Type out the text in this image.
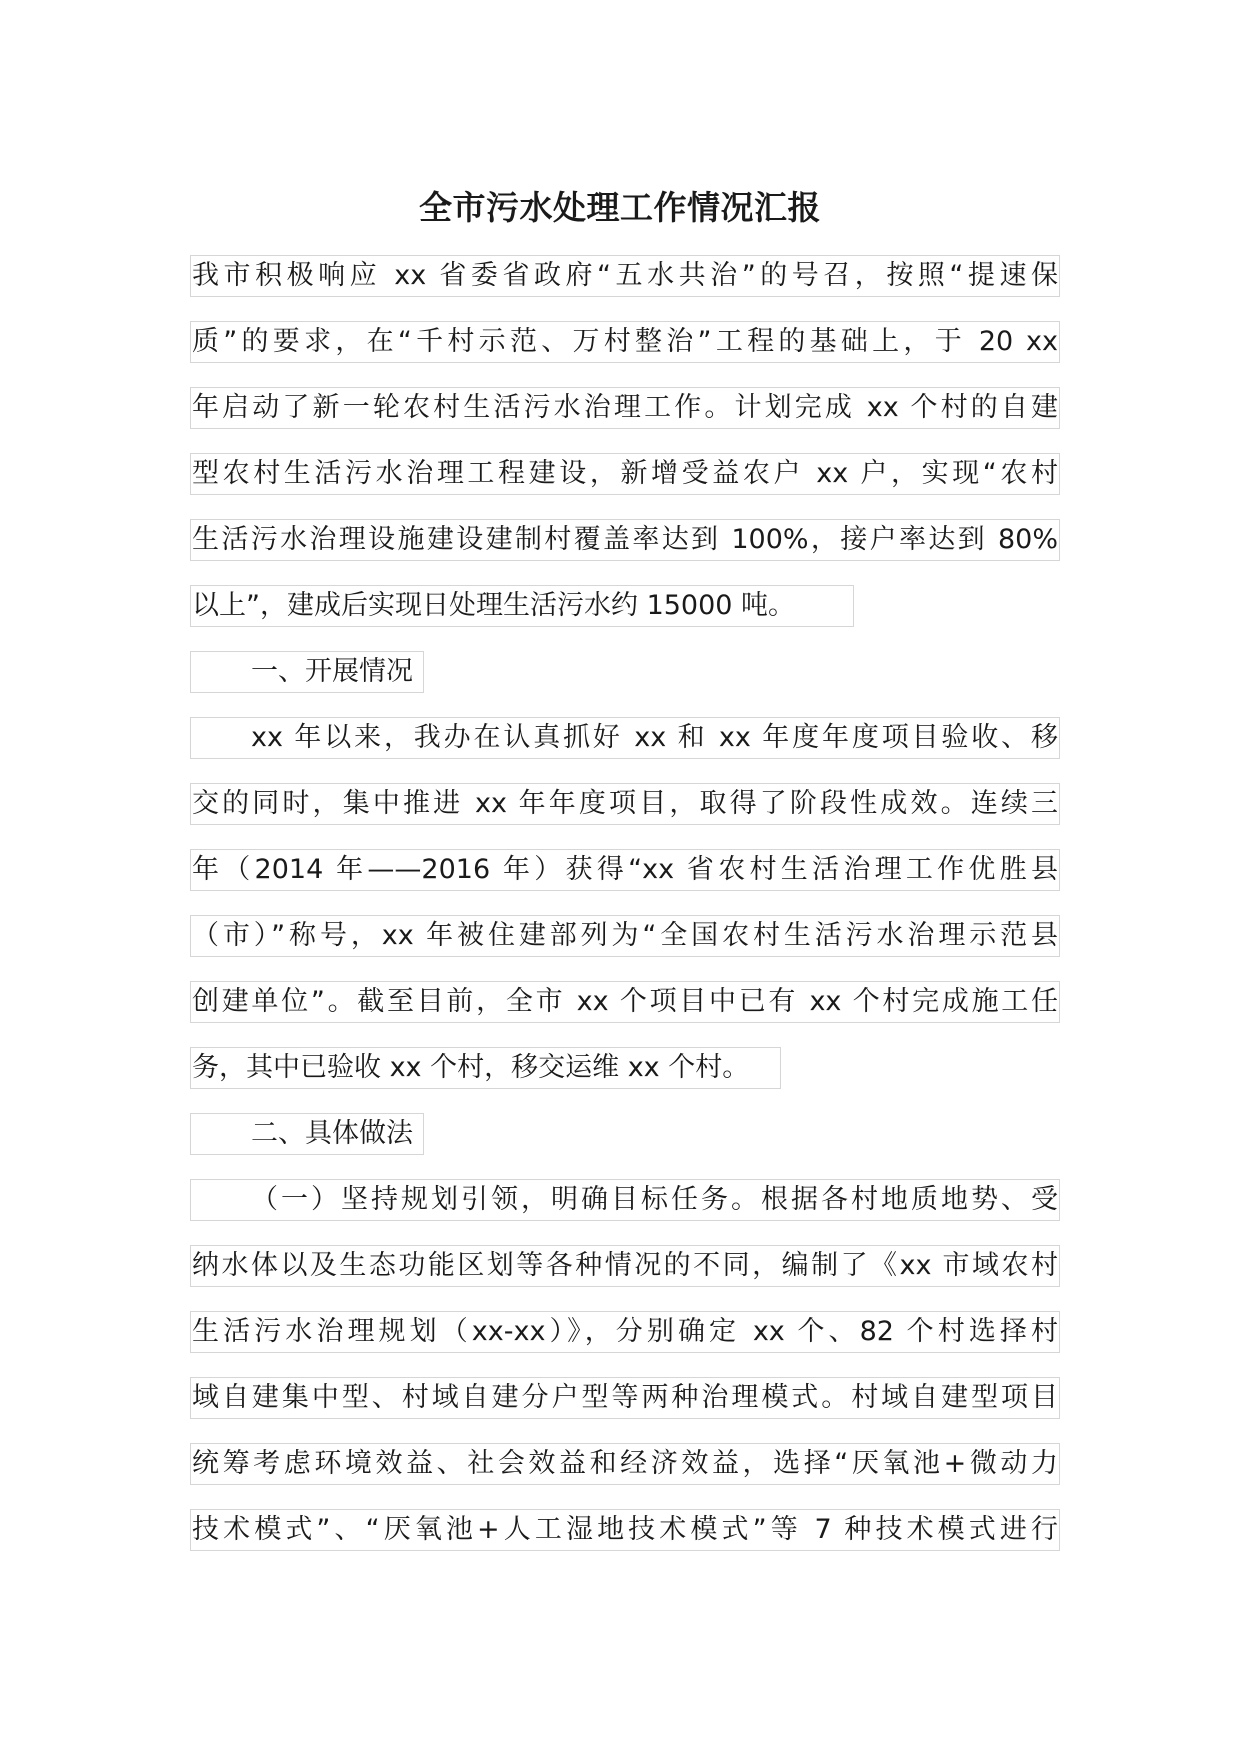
全市污水处理工作情况汇报
我市积极响应 xx 省委省政府“五水共治”的号召，按照“提速保
质”的要求，在“千村示范、万村整治”工程的基础上，于 20 xx
年启动了新一轮农村生活污水治理工作。计划完成 xx 个村的自建
型农村生活污水治理工程建设，新增受益农户 xx 户，实现“农村
生活污水治理设施建设建制村覆盖率达到 100%，接户率达到 80%
以上”，建成后实现日处理生活污水约 15000 吨。
一、开展情况
xx 年以来，我办在认真抓好 xx 和 xx 年度年度项目验收、移
交的同时，集中推进 xx 年年度项目，取得了阶段性成效。连续三
年（2014 年——2016 年）获得“xx 省农村生活治理工作优胜县
（市）”称号，xx 年被住建部列为“全国农村生活污水治理示范县
创建单位”。截至目前，全市 xx 个项目中已有 xx 个村完成施工任
务，其中已验收 xx 个村，移交运维 xx 个村。
二、具体做法
（一）坚持规划引领，明确目标任务。根据各村地质地势、受
纳水体以及生态功能区划等各种情况的不同，编制了《xx 市域农村
生活污水治理规划（xx-xx）》，分别确定 xx 个、82 个村选择村
域自建集中型、村域自建分户型等两种治理模式。村域自建型项目
统筹考虑环境效益、社会效益和经济效益，选择“厌氧池+微动力
技术模式”、“厌氧池+人工湿地技术模式”等 7 种技术模式进行
